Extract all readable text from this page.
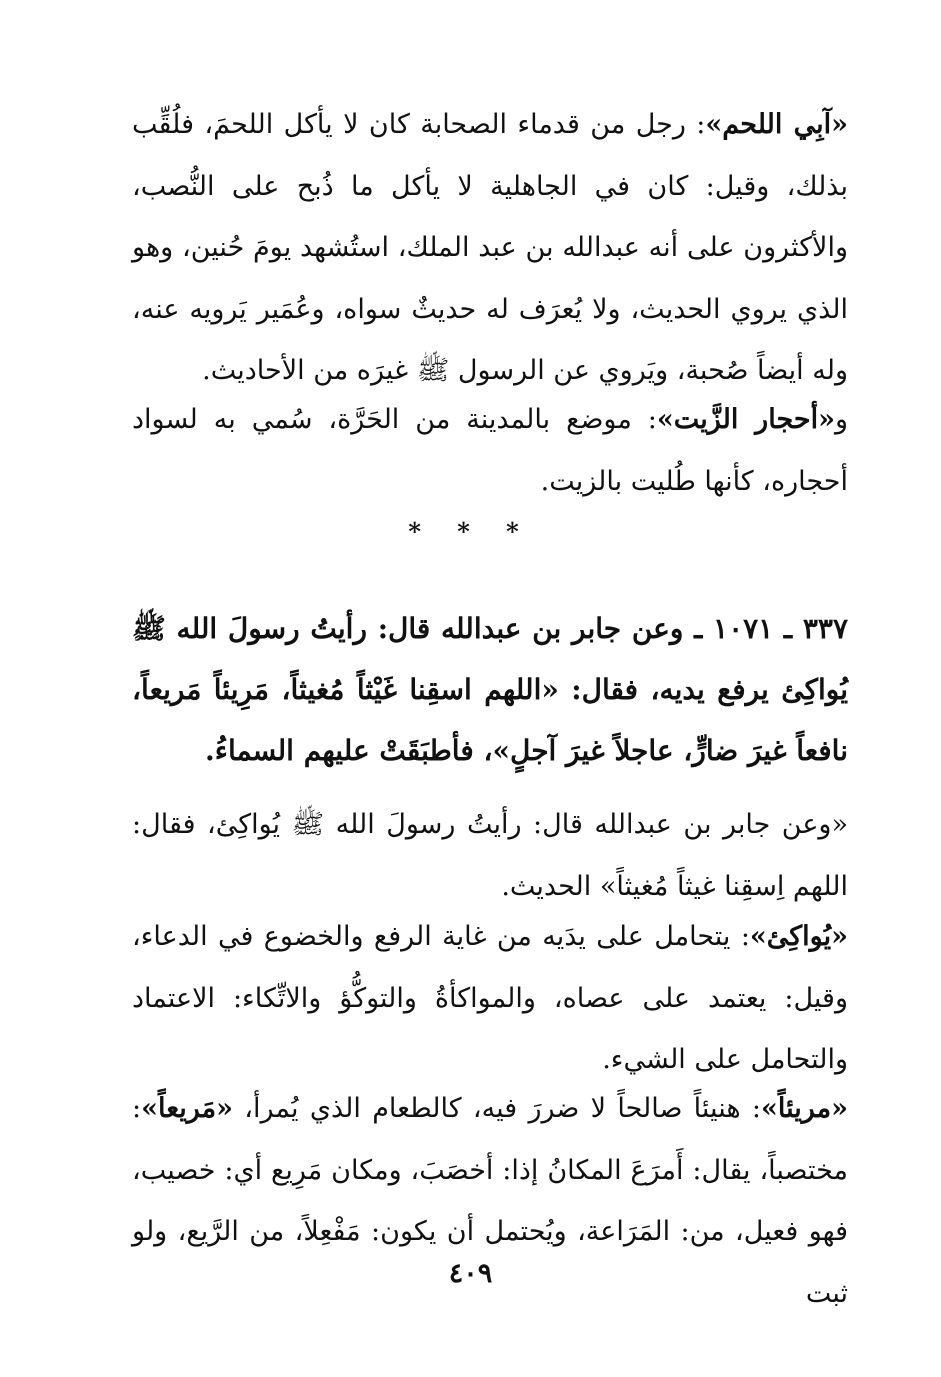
«آبِي اللحم»: رجل من قدماء الصحابة كان لا يأكل اللحمَ، فلُقِّب بذلك، وقيل: كان في الجاهلية لا يأكل ما ذُبح على النُّصب، والأكثرون على أنه عبدالله بن عبد الملك، استُشهد يومَ حُنين، وهو الذي يروي الحديث، ولا يُعرَف له حديثٌ سواه، وعُمَير يَرويه عنه، وله أيضاً صُحبة، ويَروي عن الرسول ﷺ غيرَه من الأحاديث.

و«أحجار الزَّيت»: موضع بالمدينة من الحَرَّة، سُمي به لسواد أحجاره، كأنها طُليت بالزيت.

* * *

٣٣٧ ـ ١٠٧١ ـ وعن جابر بن عبدالله قال: رأيتُ رسولَ الله ﷺ يُواكِئ يرفع يديه، فقال: «اللهم اسقِنا غَيْثاً مُغيثاً، مَرِيئاً مَريعاً، نافعاً غيرَ ضارٍّ، عاجلاً غيرَ آجلٍ»، فأطبَقَتْ عليهم السماءُ.

«وعن جابر بن عبدالله قال: رأيتُ رسولَ الله ﷺ يُواكِئ، فقال: اللهم اِسقِنا غيثاً مُغيثاً» الحديث.

«يُواكِئ»: يتحامل على يدَيه من غاية الرفع والخضوع في الدعاء، وقيل: يعتمد على عصاه، والمواكأةُ والتوكُّؤ والاتِّكاء: الاعتماد والتحامل على الشيء.

«مريئاً»: هنيئاً صالحاً لا ضررَ فيه، كالطعام الذي يُمرأ، «مَريعاً»: مختصباً، يقال: أَمرَعَ المكانُ إذا: أخصَبَ، ومكان مَرِيع أي: خصيب، فهو فعيل، من: المَرَاعة، ويُحتمل أن يكون: مَفْعِلاً، من الرَّيع، ولو ثبت

٤٠٩
